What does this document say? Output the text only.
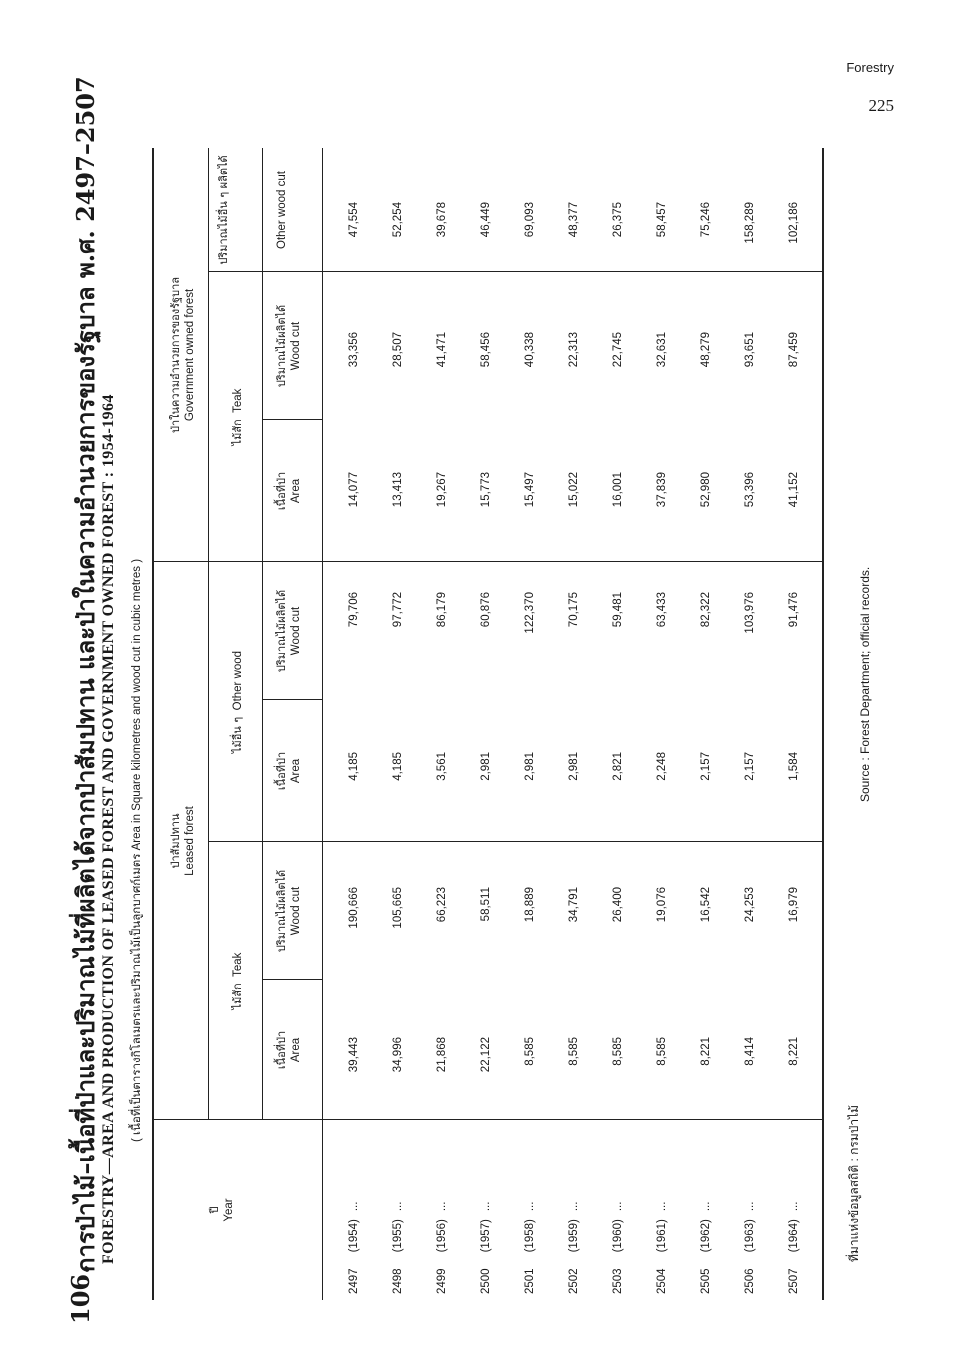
Forestry
225
106.
การป่าไม้–เนื้อที่ป่าและปริมาณไม้ที่ผลิตได้จากป่าสัมปทาน และป่าในความอำนวยการของรัฐบาล พ.ศ. 2497–2507 FORESTRY—AREA AND PRODUCTION OF LEASED FOREST AND GOVERNMENT OWNED FOREST : 1954-1964 ( เนื้อที่เป็นตารางกิโลเมตรและปริมาณไม้เป็นลูกบาศก์เมตร Area in Square kilometres and wood cut in cubic metres )
ปี Year
ป่าสัมปทาน Leased forest
ป่าในความอำนวยการของรัฐบาล Government owned forest
ไม้สัก  Teak
ไม้อื่น ๆ  Other wood
ไม้สัก  Teak
ปริมาณไม้อื่น ๆ ผลิตได้
เนื้อที่ป่า Area
ปริมาณไม้ผลิตได้ Wood cut
เนื้อที่ป่า Area
ปริมาณไม้ผลิตได้ Wood cut
เนื้อที่ป่า Area
ปริมาณไม้ผลิตได้ Wood cut
Other wood cut
2497(1954)...
39,443
190,666
4,185
79,706
14,077
33,356
47,554
2498(1955)...
34,996
105,665
4,185
97,772
13,413
28,507
52,254
2499(1956)...
21,868
66,223
3,561
86,179
19,267
41,471
39,678
2500(1957)...
22,122
58,511
2,981
60,876
15,773
58,456
46,449
2501(1958)...
8,585
18,889
2,981
122,370
15,497
40,338
69,093
2502(1959)...
8,585
34,791
2,981
70,175
15,022
22,313
48,377
2503(1960)...
8,585
26,400
2,821
59,481
16,001
22,745
26,375
2504(1961)...
8,585
19,076
2,248
63,433
37,839
32,631
58,457
2505(1962)...
8,221
16,542
2,157
82,322
52,980
48,279
75,246
2506(1963)...
8,414
24,253
2,157
103,976
53,396
93,651
158,289
2507(1964)...
8,221
16,979
1,584
91,476
41,152
87,459
102,186
ที่มาแห่งข้อมูลสถิติ : กรมป่าไม้
Source : Forest Department; official records.
